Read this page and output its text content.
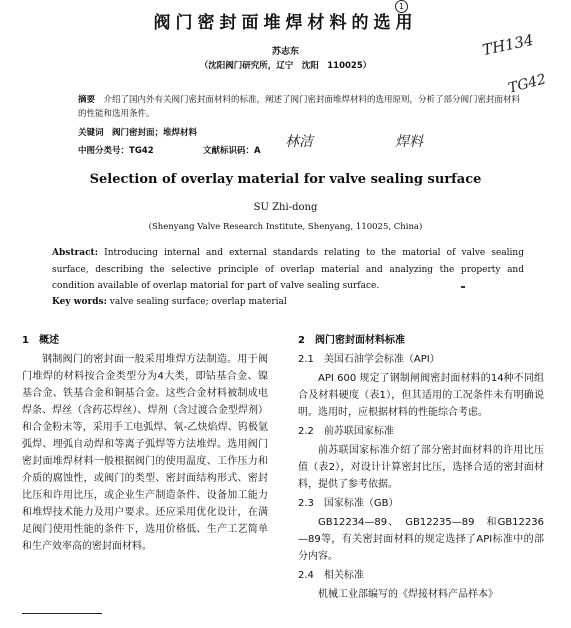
阀门密封面堆焊材料的选用
1
苏志东
（沈阳阀门研究所，辽宁　沈阳　110025）
TH134
TG42
摘要　 介绍了国内外有关阀门密封面材料的标准，阐述了阀门密封面堆焊材料的选用原则，分析了部分阀门密封面材料的性能和选用条件。
关键词　 阀门密封面；堆焊材料
林洁	焊料
中图分类号：TG42	文献标识码：A
Selection of overlay material for valve sealing surface
SU Zhi-dong
(Shenyang Valve Research Institute, Shenyang, 110025, China)
Abstract: Introducing internal and external standards relating to the matorial of valve sealing surface, describing the selective principle of overlap material and analyzing the property and condition available of overlap matorial for part of valve sealing surface.
Key words: valve sealing surface; overlap material
1　概述

钢制阀门的密封面一般采用堆焊方法制造。用于阀门堆焊的材料按合金类型分为4大类，即钴基合金、镍基合金、铁基合金和铜基合金。这些合金材料被制成电焊条、焊丝（含药芯焊丝）、焊剂（含过渡合金型焊剂）和合金粉末等，采用手工电弧焊、氧-乙炔焰焊、钨极氩弧焊、埋弧自动焊和等离子弧焊等方法堆焊。选用阀门密封面堆焊材料一般根据阀门的使用温度、工作压力和介质的腐蚀性，或阀门的类型、密封面结构形式、密封比压和许用比压，或企业生产制造条件、设备加工能力和堆焊技术能力及用户要求。还应采用优化设计，在满足阀门使用性能的条件下，选用价格低、生产工艺简单和生产效率高的密封面材料。

2　阀门密封面材料标准
2.1　美国石油学会标准（API）

API 600 规定了钢制闸阀密封面材料的14种不同组合及材料硬度（表1），但其适用的工况条件未有明确说明。选用时，应根据材料的性能综合考虑。

2.2　前苏联国家标准

前苏联国家标准介绍了部分密封面材料的许用比压值（表2），对设计计算密封比压，选择合适的密封面材料，提供了参考依据。

2.3　国家标准（GB）

GB12234—89、　GB12235—89　和GB12236—89等，有关密封面材料的规定选择了API标准中的部分内容。

2.4　相关标准

机械工业部编写的《焊接材料产品样本》
